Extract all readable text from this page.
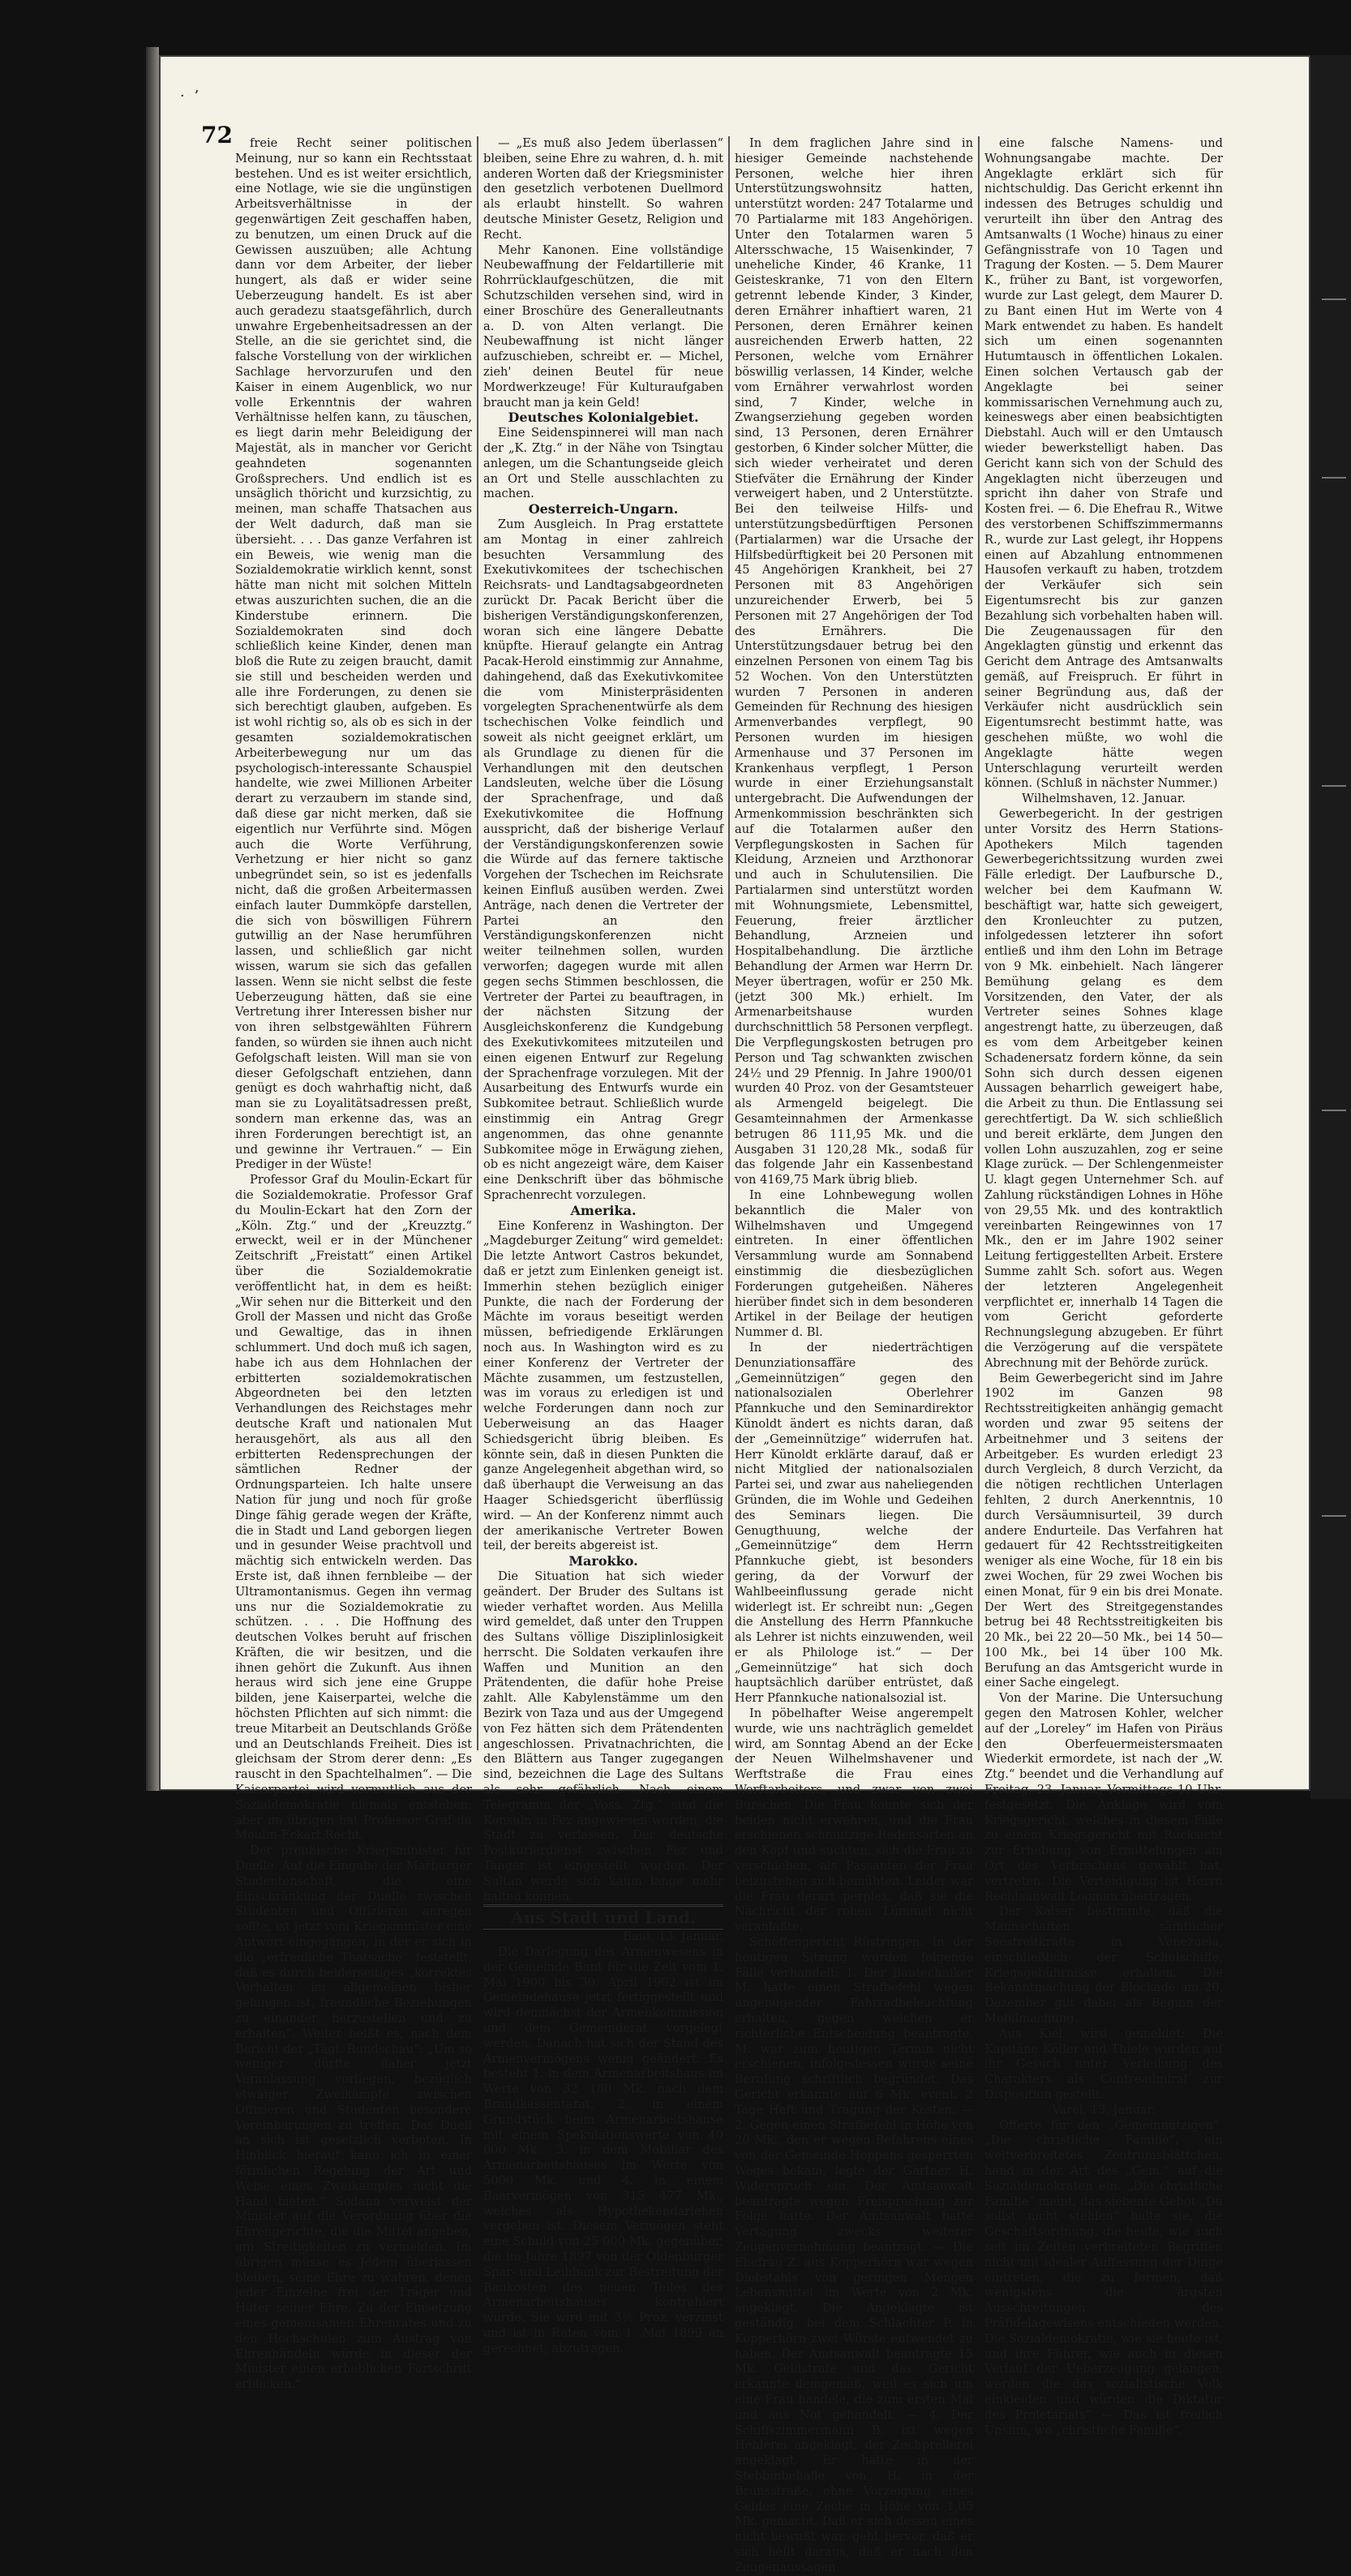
· ’
72	freie Recht seiner politischen Meinung, nur so kann ein Rechtsstaat bestehen. Und es ist weiter ersichtlich, eine Notlage, wie sie die ungünstigen Arbeitsverhältnisse in der gegenwärtigen Zeit geschaffen haben, zu benutzen, um einen Druck auf die Gewissen auszuüben; alle Achtung dann vor dem Arbeiter, der lieber hungert, als daß er wider seine Ueberzeugung handelt. Es ist aber auch geradezu staatsgefährlich, durch unwahre Ergebenheitsadressen an der Stelle, an die sie gerichtet sind, die falsche Vorstellung von der wirklichen Sachlage hervorzurufen und den Kaiser in einem Augenblick, wo nur volle Erkenntnis der wahren Verhältnisse helfen kann, zu täuschen, es liegt darin mehr Beleidigung der Majestät, als in mancher vor Gericht geahndeten sogenannten Großsprechers. Und endlich ist es unsäglich thöricht und kurzsichtig, zu meinen, man schaffe Thatsachen aus der Welt dadurch, daß man sie übersieht. . . . Das ganze Verfahren ist ein Beweis, wie wenig man die Sozialdemokratie wirklich kennt, sonst hätte man nicht mit solchen Mitteln etwas auszurichten suchen, die an die Kinderstube erinnern. Die Sozialdemokraten sind doch schließlich keine Kinder, denen man bloß die Rute zu zeigen braucht, damit sie still und bescheiden werden und alle ihre Forderungen, zu denen sie sich berechtigt glauben, aufgeben. Es ist wohl richtig so, als ob es sich in der gesamten sozialdemokratischen Arbeiterbewegung nur um das psychologisch-interessante Schauspiel handelte, wie zwei Millionen Arbeiter derart zu verzaubern im stande sind, daß diese gar nicht merken, daß sie eigentlich nur Verführte sind. Mögen auch die Worte Verführung, Verhetzung er hier nicht so ganz unbegründet sein, so ist es jedenfalls nicht, daß die großen Arbeitermassen einfach lauter Dummköpfe darstellen, die sich von böswilligen Führern gutwillig an der Nase herumführen lassen, und schließlich gar nicht wissen, warum sie sich das gefallen lassen. Wenn sie nicht selbst die feste Ueberzeugung hätten, daß sie eine Vertretung ihrer Interessen bisher nur von ihren selbstgewählten Führern fanden, so würden sie ihnen auch nicht Gefolgschaft leisten. Will man sie von dieser Gefolgschaft entziehen, dann genügt es doch wahrhaftig nicht, daß man sie zu Loyalitätsadressen preßt, sondern man erkenne das, was an ihren Forderungen berechtigt ist, an und gewinne ihr Vertrauen.“ — Ein Prediger in der Wüste!

Professor Graf du Moulin-Eckart für die Sozialdemokratie. Professor Graf du Moulin-Eckart hat den Zorn der „Köln. Ztg.“ und der „Kreuzztg.“ erweckt, weil er in der Münchener Zeitschrift „Freistatt“ einen Artikel über die Sozialdemokratie veröffentlicht hat, in dem es heißt: „Wir sehen nur die Bitterkeit und den Groll der Massen und nicht das Große und Gewaltige, das in ihnen schlummert. Und doch muß ich sagen, habe ich aus dem Hohnlachen der erbitterten sozialdemokratischen Abgeordneten bei den letzten Verhandlungen des Reichstages mehr deutsche Kraft und nationalen Mut herausgehört, als aus all den erbitterten Redensprechungen der sämtlichen Redner der Ordnungsparteien. Ich halte unsere Nation für jung und noch für große Dinge fähig gerade wegen der Kräfte, die in Stadt und Land geborgen liegen und in gesunder Weise prachtvoll und mächtig sich entwickeln werden. Das Erste ist, daß ihnen fernbleibe — der Ultramontanismus. Gegen ihn vermag uns nur die Sozialdemokratie zu schützen. . . . Die Hoffnung des deutschen Volkes beruht auf frischen Kräften, die wir besitzen, und die ihnen gehört die Zukunft. Aus ihnen heraus wird sich jene eine Gruppe bilden, jene Kaiserpartei, welche die höchsten Pflichten auf sich nimmt: die treue Mitarbeit an Deutschlands Größe und an Deutschlands Freiheit. Dies ist gleichsam der Strom derer denn: „Es rauscht in den Spachtelhalmen“. — Die Kaiserpartei wird vermutlich aus der Sozialdemokratie niemals entstehen; aber im übrigen hat Professor Graf du Moulin-Eckart Recht.

Der preußische Kriegsminister für Duelle. Auf die Eingabe der Marburger Studentenschaft, die eine Einschränkung der Duelle zwischen Studenten und Offizieren anregen sollte, ist jetzt vom Kriegsminister eine Antwort eingegangen, in der er sich in die „erfreuliche Thatsache“ feststellt, daß es durch beiderseitiges „korrektes Verhalten im allgemeinen bisher gelungen ist, freundliche Beziehungen zu einander herzustellen und zu erhalten“. Weiter heißt es, nach dem Bericht der „Tägl. Rundschau“: „Um so weniger dürfte daher jetzt Veranlassung vorliegen, bezüglich etwaiger Zweikämpfe zwischen Offizieren und Studenten besondere Vereinbarungen zu treffen. Das Duell an sich ist gesetzlich verboten. In Hinblick hierauf kann ich in einer förmlichen Regelung der Art und Weise eines Zweikampfes nicht die Hand bieten.“ Sodann verweist der Minister auf die Verordnung über die Ehrengerichte, die die Mittel angeben, um Streitigkeiten zu vermeiden. Im übrigen müsse es Jedem überlassen bleiben, seine Ehre zu wahren, denen jeder Einzelne frei der Träger und Hüter seiner Ehre. Zu der Einsetzung eines gemeinsamen Ehrenrates und zu den Hochschulen zum Austrag von Ehrenhändeln würde in dieser der Minister einen erheblichen Fortschritt erblicken.“

— „Es muß also Jedem überlassen“ bleiben, seine Ehre zu wahren, d. h. mit anderen Worten daß der Kriegsminister den gesetzlich verbotenen Duellmord als erlaubt hinstellt. So wahren deutsche Minister Gesetz, Religion und Recht.

Mehr Kanonen. Eine vollständige Neubewaffnung der Feldartillerie mit Rohrrücklaufgeschützen, die mit Schutzschilden versehen sind, wird in einer Broschüre des Generalleutnants a. D. von Alten verlangt. Die Neubewaffnung ist nicht länger aufzuschieben, schreibt er. — Michel, zieh' deinen Beutel für neue Mordwerkzeuge! Für Kulturaufgaben braucht man ja kein Geld!

Deutsches Kolonialgebiet.

Eine Seidenspinnerei will man nach der „K. Ztg.“ in der Nähe von Tsingtau anlegen, um die Schantungseide gleich an Ort und Stelle ausschlachten zu machen.

Oesterreich-Ungarn.

Zum Ausgleich. In Prag erstattete am Montag in einer zahlreich besuchten Versammlung des Exekutivkomitees der tschechischen Reichsrats- und Landtagsabgeordneten zurückt Dr. Pacak Bericht über die bisherigen Verständigungskonferenzen, woran sich eine längere Debatte knüpfte. Hierauf gelangte ein Antrag Pacak-Herold einstimmig zur Annahme, dahingehend, daß das Exekutivkomitee die vom Ministerpräsidenten vorgelegten Sprachenentwürfe als dem tschechischen Volke feindlich und soweit als nicht geeignet erklärt, um als Grundlage zu dienen für die Verhandlungen mit den deutschen Landsleuten, welche über die Lösung der Sprachenfrage, und daß Exekutivkomitee die Hoffnung ausspricht, daß der bisherige Verlauf der Verständigungskonferenzen sowie die Würde auf das fernere taktische Vorgehen der Tschechen im Reichsrate keinen Einfluß ausüben werden. Zwei Anträge, nach denen die Vertreter der Partei an den Verständigungskonferenzen nicht weiter teilnehmen sollen, wurden verworfen; dagegen wurde mit allen gegen sechs Stimmen beschlossen, die Vertreter der Partei zu beauftragen, in der nächsten Sitzung der Ausgleichskonferenz die Kundgebung des Exekutivkomitees mitzuteilen und einen eigenen Entwurf zur Regelung der Sprachenfrage vorzulegen. Mit der Ausarbeitung des Entwurfs wurde ein Subkomitee betraut. Schließlich wurde einstimmig ein Antrag Gregr angenommen, das ohne genannte Subkomitee möge in Erwägung ziehen, ob es nicht angezeigt wäre, dem Kaiser eine Denkschrift über das böhmische Sprachenrecht vorzulegen.

Amerika.

Eine Konferenz in Washington. Der „Magdeburger Zeitung“ wird gemeldet: Die letzte Antwort Castros bekundet, daß er jetzt zum Einlenken geneigt ist. Immerhin stehen bezüglich einiger Punkte, die nach der Forderung der Mächte im voraus beseitigt werden müssen, befriedigende Erklärungen noch aus. In Washington wird es zu einer Konferenz der Vertreter der Mächte zusammen, um festzustellen, was im voraus zu erledigen ist und welche Forderungen dann noch zur Ueberweisung an das Haager Schiedsgericht übrig bleiben. Es könnte sein, daß in diesen Punkten die ganze Angelegenheit abgethan wird, so daß überhaupt die Verweisung an das Haager Schiedsgericht überflüssig wird. — An der Konferenz nimmt auch der amerikanische Vertreter Bowen teil, der bereits abgereist ist.

Marokko.

Die Situation hat sich wieder geändert. Der Bruder des Sultans ist wieder verhaftet worden. Aus Melilla wird gemeldet, daß unter den Truppen des Sultans völlige Disziplinlosigkeit herrscht. Die Soldaten verkaufen ihre Waffen und Munition an den Prätendenten, die dafür hohe Preise zahlt. Alle Kabylenstämme um den Bezirk von Taza und aus der Umgegend von Fez hätten sich dem Prätendenten angeschlossen. Privatnachrichten, die den Blättern aus Tanger zugegangen sind, bezeichnen die Lage des Sultans als sehr gefährlich. Nach einem Telegramm der „Voss. Ztg.“ sind die Konsuln in Fez angewiesen worden, die Stadt zu verlassen. Der deutsche Postkurierdienst zwischen Fez und Tanger ist eingestellt worden. Der Sultan werde sich kaum lange mehr halten können.

Aus Stadt und Land.

Bant, 13. Januar.

Die Darlegung des Armenwesens in der Gemeinde Bant für die Zeit vom 1. Mai 1900 bis 30. April 1902 ist im Gemeindehause jetzt fertiggestellt und wird demnächst der Armenkommission und dem Gemeinderat vorgelegt werden. Danach hat sich der Stand des Armenvermögens wenig geändert. Es besteht 1. in dem Armenarbeitshaus im Werte von 32 180 Mk. nach dem Brandkassentarat, 2. in einem Grundstück beim Armenarbeitshause mit einem Spekulationswerte von 40 000 Mk., 3. in dem Mobiliar des Armenarbeitshauses im Werte von 5000 Mk. und 4. in einem Baarvermögen von 315 477 Mk., welches als Hypothekendarlehen vergeben ist. Diesem Vermögen steht eine Schuld von 25 000 Mk. gegenüber, die im Jahre 1897 von der Oldenburger Spar- und Leihbank zur Bestreitung der Baukosten des neuen Teiles des Armenarbeitshauses kontrahiert wurde. Sie wird mit 3½ Proz. verzinst und ist in Raten vom 1. Mai 1899 an gerechnet, abzutragen.

In dem fraglichen Jahre sind in hiesiger Gemeinde nachstehende Personen, welche hier ihren Unterstützungswohnsitz hatten, unterstützt worden: 247 Totalarme und 70 Partialarme mit 183 Angehörigen. Unter den Totalarmen waren 5 Altersschwache, 15 Waisenkinder, 7 uneheliche Kinder, 46 Kranke, 11 Geisteskranke, 71 von den Eltern getrennt lebende Kinder, 3 Kinder, deren Ernährer inhaftiert waren, 21 Personen, deren Ernährer keinen ausreichenden Erwerb hatten, 22 Personen, welche vom Ernährer böswillig verlassen, 14 Kinder, welche vom Ernährer verwahrlost worden sind, 7 Kinder, welche in Zwangserziehung gegeben worden sind, 13 Personen, deren Ernährer gestorben, 6 Kinder solcher Mütter, die sich wieder verheiratet und deren Stiefväter die Ernährung der Kinder verweigert haben, und 2 Unterstützte. Bei den teilweise Hilfs- und unterstützungsbedürftigen Personen (Partialarmen) war die Ursache der Hilfsbedürftigkeit bei 20 Personen mit 45 Angehörigen Krankheit, bei 27 Personen mit 83 Angehörigen unzureichender Erwerb, bei 5 Personen mit 27 Angehörigen der Tod des Ernährers. Die Unterstützungsdauer betrug bei den einzelnen Personen von einem Tag bis 52 Wochen. Von den Unterstützten wurden 7 Personen in anderen Gemeinden für Rechnung des hiesigen Armenverbandes verpflegt, 90 Personen wurden im hiesigen Armenhause und 37 Personen im Krankenhaus verpflegt, 1 Person wurde in einer Erziehungsanstalt untergebracht. Die Aufwendungen der Armenkommission beschränkten sich auf die Totalarmen außer den Verpflegungskosten in Sachen für Kleidung, Arzneien und Arzthonorar und auch in Schulutensilien. Die Partialarmen sind unterstützt worden mit Wohnungsmiete, Lebensmittel, Feuerung, freier ärztlicher Behandlung, Arzneien und Hospitalbehandlung. Die ärztliche Behandlung der Armen war Herrn Dr. Meyer übertragen, wofür er 250 Mk. (jetzt 300 Mk.) erhielt. Im Armenarbeitshause wurden durchschnittlich 58 Personen verpflegt. Die Verpflegungskosten betrugen pro Person und Tag schwankten zwischen 24½ und 29 Pfennig. In Jahre 1900/01 wurden 40 Proz. von der Gesamtsteuer als Armengeld beigelegt. Die Gesamteinnahmen der Armenkasse betrugen 86 111,95 Mk. und die Ausgaben 31 120,28 Mk., sodaß für das folgende Jahr ein Kassenbestand von 4169,75 Mark übrig blieb.

In eine Lohnbewegung wollen bekanntlich die Maler von Wilhelmshaven und Umgegend eintreten. In einer öffentlichen Versammlung wurde am Sonnabend einstimmig die diesbezüglichen Forderungen gutgeheißen. Näheres hierüber findet sich in dem besonderen Artikel in der Beilage der heutigen Nummer d. Bl.

In der niederträchtigen Denunziationsaffäre des „Gemeinnützigen“ gegen den nationalsozialen Oberlehrer Pfannkuche und den Seminardirektor Künoldt ändert es nichts daran, daß der „Gemeinnützige“ widerrufen hat. Herr Künoldt erklärte darauf, daß er nicht Mitglied der nationalsozialen Partei sei, und zwar aus naheliegenden Gründen, die im Wohle und Gedeihen des Seminars liegen. Die Genugthuung, welche der „Gemeinnützige“ dem Herrn Pfannkuche giebt, ist besonders gering, da der Vorwurf der Wahlbeeinflussung gerade nicht widerlegt ist. Er schreibt nun: „Gegen die Anstellung des Herrn Pfannkuche als Lehrer ist nichts einzuwenden, weil er als Philologe ist.“ — Der „Gemeinnützige“ hat sich doch hauptsächlich darüber entrüstet, daß Herr Pfannkuche nationalsozial ist.

In pöbelhafter Weise angerempelt wurde, wie uns nachträglich gemeldet wird, am Sonntag Abend an der Ecke der Neuen Wilhelmshavener und Werftstraße die Frau eines Werftarbeiters, und zwar von zwei Burschen. Die Frau konnte sich der beiden nicht erwehren, und die Frau erschienen schmutzige Redensarten an den Kopf und suchten, sich die Frau zu verschieben, als Passanten der Frau beizustehen sich bemühten. Leider war die Frau derart perplex, daß sie die Nachricht der rohen Lümmel nicht veranlaßte.

Schöffengericht Rüstringen. In der heutigen Sitzung wurden folgende Fälle verhandelt: 1. Der Bautechniker M. hatte einen Strafbefehl wegen ungenügender Fahrradbeleuchtung erhalten, gegen welchen er richterliche Entscheidung beantragte. M. war zum heutigen Termin nicht erschienen, infolgedessen wurde seine Berufung schriftlich begründet. Das Gericht erkannte auf 6 Mk. event. 2 Tage Haft und Tragung der Kosten. — 2. Gegen einen Strafbefehl in Höhe von 20 Mk., den er wegen Befahrens eines von der Gemeinde Hoppens gesperrten Weges bekam, legte der Gärtner H. Widerspruch ein. Der Amtsanwalt beantragte wegen Freisprechung zur Folge hatte. Der Amtsanwalt hatte Vertagung zwecks weiterer Zeugenvernehmung beantragt. — Die Ehefrau Z. aus Kopperhörn war wegen Diebstahls von geringen Mengen Lebensmittel im Werte von 2 Mk. angeklagt. Die Angeklagte ist geständig, bei dem Schlachter P. in Kopperhörn zwei Würste entwendet zu haben. Der Amtsanwalt beantragte 15 Mk. Geldstrafe und das Gericht erkannte demgemäß, weil es sich um eine Frau handele, die zum ersten Mal und aus Not gehandelt. — 4. Der Schiffszimmermann B. ist wegen Hehlerei angeklagt, der Zechprellerei angeklagt. Er hatte in der Stebbinbehalle von H. in der Brunsstraße, ohne Vorzeigung eines Geldes eine Zeche in Höhe von 1,05 Mk. gemacht. Daß er sich dessen eines nicht bewußt war, geht hervor, daß er sich hellt daraus, daß er nach den Zeugenaussagen

eine falsche Namens- und Wohnungsangabe machte. Der Angeklagte erklärt sich für nichtschuldig. Das Gericht erkennt ihn indessen des Betruges schuldig und verurteilt ihn über den Antrag des Amtsanwalts (1 Woche) hinaus zu einer Gefängnisstrafe von 10 Tagen und Tragung der Kosten. — 5. Dem Maurer K., früher zu Bant, ist vorgeworfen, wurde zur Last gelegt, dem Maurer D. zu Bant einen Hut im Werte von 4 Mark entwendet zu haben. Es handelt sich um einen sogenannten Hutumtausch in öffentlichen Lokalen. Einen solchen Vertausch gab der Angeklagte bei seiner kommissarischen Vernehmung auch zu, keineswegs aber einen beabsichtigten Diebstahl. Auch will er den Umtausch wieder bewerkstelligt haben. Das Gericht kann sich von der Schuld des Angeklagten nicht überzeugen und spricht ihn daher von Strafe und Kosten frei. — 6. Die Ehefrau R., Witwe des verstorbenen Schiffszimmermanns R., wurde zur Last gelegt, ihr Hoppens einen auf Abzahlung entnommenen Hausofen verkauft zu haben, trotzdem der Verkäufer sich sein Eigentumsrecht bis zur ganzen Bezahlung sich vorbehalten haben will. Die Zeugenaussagen für den Angeklagten günstig und erkennt das Gericht dem Antrage des Amtsanwalts gemäß, auf Freispruch. Er führt in seiner Begründung aus, daß der Verkäufer nicht ausdrücklich sein Eigentumsrecht bestimmt hatte, was geschehen müßte, wo wohl die Angeklagte hätte wegen Unterschlagung verurteilt werden können. (Schluß in nächster Nummer.)

Wilhelmshaven, 12. Januar.

Gewerbegericht. In der gestrigen unter Vorsitz des Herrn Stations-Apothekers Milch tagenden Gewerbegerichtssitzung wurden zwei Fälle erledigt. Der Laufbursche D., welcher bei dem Kaufmann W. beschäftigt war, hatte sich geweigert, den Kronleuchter zu putzen, infolgedessen letzterer ihn sofort entließ und ihm den Lohn im Betrage von 9 Mk. einbehielt. Nach längerer Bemühung gelang es dem Vorsitzenden, den Vater, der als Vertreter seines Sohnes klage angestrengt hatte, zu überzeugen, daß es vom dem Arbeitgeber keinen Schadenersatz fordern könne, da sein Sohn sich durch dessen eigenen Aussagen beharrlich geweigert habe, die Arbeit zu thun. Die Entlassung sei gerechtfertigt. Da W. sich schließlich und bereit erklärte, dem Jungen den vollen Lohn auszuzahlen, zog er seine Klage zurück. — Der Schlengenmeister U. klagt gegen Unternehmer Sch. auf Zahlung rückständigen Lohnes in Höhe von 29,55 Mk. und des kontraktlich vereinbarten Reingewinnes von 17 Mk., den er im Jahre 1902 seiner Leitung fertiggestellten Arbeit. Erstere Summe zahlt Sch. sofort aus. Wegen der letzteren Angelegenheit verpflichtet er, innerhalb 14 Tagen die vom Gericht geforderte Rechnungslegung abzugeben. Er führt die Verzögerung auf die verspätete Abrechnung mit der Behörde zurück.

Beim Gewerbegericht sind im Jahre 1902 im Ganzen 98 Rechtsstreitigkeiten anhängig gemacht worden und zwar 95 seitens der Arbeitnehmer und 3 seitens der Arbeitgeber. Es wurden erledigt 23 durch Vergleich, 8 durch Verzicht, da die nötigen rechtlichen Unterlagen fehlten, 2 durch Anerkenntnis, 10 durch Versäumnisurteil, 39 durch andere Endurteile. Das Verfahren hat gedauert für 42 Rechtsstreitigkeiten weniger als eine Woche, für 18 ein bis zwei Wochen, für 29 zwei Wochen bis einen Monat, für 9 ein bis drei Monate. Der Wert des Streitgegenstandes betrug bei 48 Rechtsstreitigkeiten bis 20 Mk., bei 22 20—50 Mk., bei 14 50—100 Mk., bei 14 über 100 Mk. Berufung an das Amtsgericht wurde in einer Sache eingelegt.

Von der Marine. Die Untersuchung gegen den Matrosen Kohler, welcher auf der „Loreley“ im Hafen von Piräus den Oberfeuermeistersmaaten Wiederkit ermordete, ist nach der „W. Ztg.“ beendet und die Verhandlung auf Freitag, 23. Januar, Vormittags 10 Uhr, festgesetzt. Die Anklage wird vom Kriegsgericht, welches in diesem Falle zu einem Kriegsgericht mit Rücksicht zur Erhebung von Ermittelungen am Ort des Verbrechens gewählt hat, vertreten. Die Verteidigung ist Herrn Rechtsanwalt Looman übertragen.

Der Kaiser bestimmte, daß die Mannschaften sämtlicher Seestreitkräfte in Venezuela, einschließlich der Schulschiffe, Kriegsgebührnisse erhalten. Die Bekanntmachung der Blockade am 20. Dezember gilt dabei als Beginn der Mobilmachung.

Aus Kiel wird gemeldet: Die Kapitäne Köller und Thiele wurden auf ihr Gesuch unter Verleihung des Charakters als Contreadmiral zur Disposition gestellt.

Varel, 13. Januar.

Offerte für den „Gemeinnützigen“. „Die christliche Familie“, ein weltverbreitetes Zentrumsblättchen, hand in der Art des „Gem.“ auf die Sozialdemokraten ein. „Die christliche Familie“ meint, das siebente Gebot „Du sollst nicht stehlen“ halte sie, die Geschäftsordnung, die heute, wie auch seit im Zeiten verbreiteten Begriffen nicht mit idealer Auffassung der Dinge eintreten, die zu formen, daß wenigstens die ärgsten Ausschreitungen des Präfidelagewisens entschieden werden. Die Sozialdemokratie, wie sie heute ist, und ihre Führer, wie auch in diesen Verlauf der Ueberzeugung gelangen, werden die das sozialistische Volk einkleiden und würden die Diktatur des Proletariats“ — Das ist freilich Unsinn, wo „christliche Familie“.
